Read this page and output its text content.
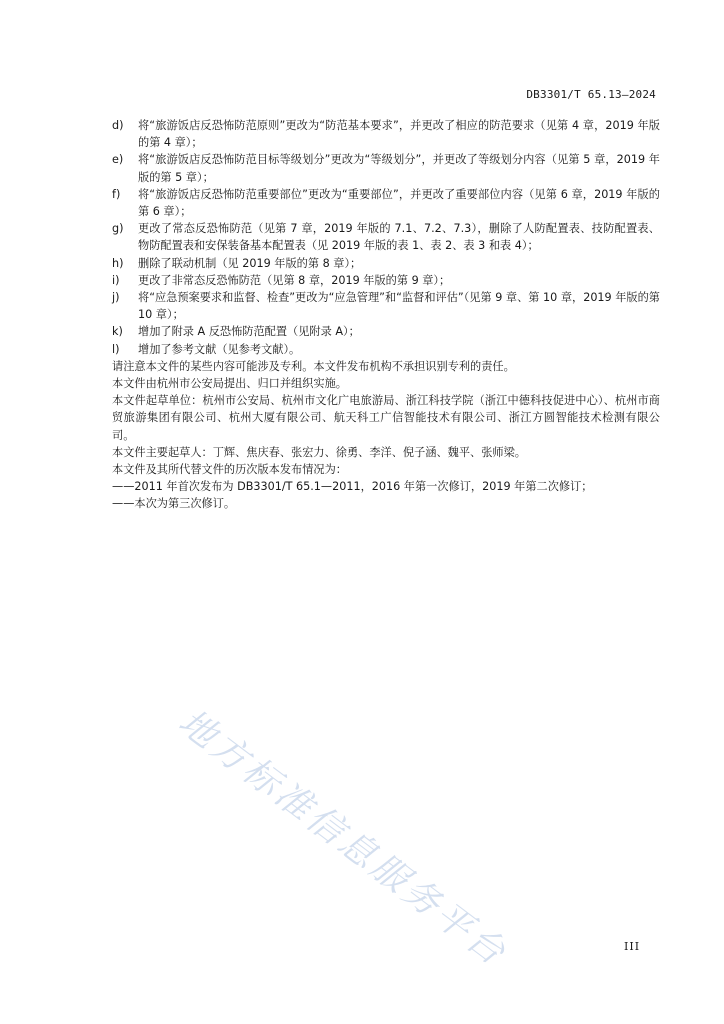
DB3301/T 65.13—2024
d)	将“旅游饭店反恐怖防范原则”更改为“防范基本要求”，并更改了相应的防范要求（见第 4 章，2019 年版的第 4 章）；
e)	将“旅游饭店反恐怖防范目标等级划分”更改为“等级划分”，并更改了等级划分内容（见第 5 章，2019 年版的第 5 章）；
f)	将“旅游饭店反恐怖防范重要部位”更改为“重要部位”，并更改了重要部位内容（见第 6 章，2019 年版的第 6 章）；
g)	更改了常态反恐怖防范（见第 7 章，2019 年版的 7.1、7.2、7.3），删除了人防配置表、技防配置表、物防配置表和安保装备基本配置表（见 2019 年版的表 1、表 2、表 3 和表 4）；
h)	删除了联动机制（见 2019 年版的第 8 章）；
i)	更改了非常态反恐怖防范（见第 8 章，2019 年版的第 9 章）；
j)	将“应急预案要求和监督、检查”更改为“应急管理”和“监督和评估”（见第 9 章、第 10 章，2019 年版的第 10 章）；
k)	增加了附录 A 反恐怖防范配置（见附录 A）；
l)	增加了参考文献（见参考文献）。
请注意本文件的某些内容可能涉及专利。本文件发布机构不承担识别专利的责任。
本文件由杭州市公安局提出、归口并组织实施。
本文件起草单位：杭州市公安局、杭州市文化广电旅游局、浙江科技学院（浙江中德科技促进中心）、杭州市商贸旅游集团有限公司、杭州大厦有限公司、航天科工广信智能技术有限公司、浙江方圆智能技术检测有限公司。
本文件主要起草人：丁辉、焦庆春、张宏力、徐勇、李洋、倪子涵、魏平、张师梁。
本文件及其所代替文件的历次版本发布情况为：
——2011 年首次发布为 DB3301/T 65.1—2011，2016 年第一次修订，2019 年第二次修订；
——本次为第三次修订。
地方标准信息服务平台	III
